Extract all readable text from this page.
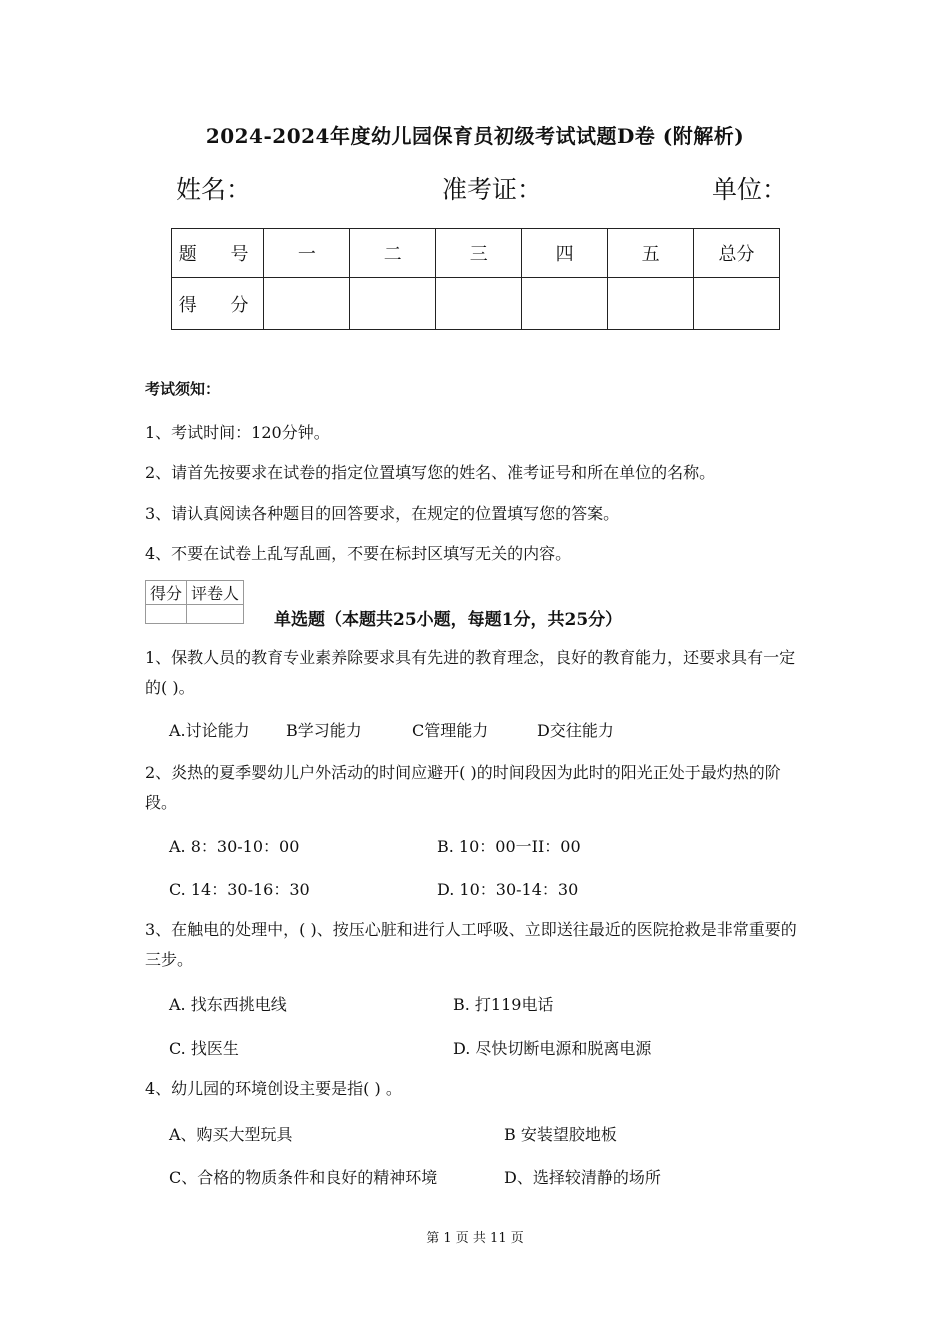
2024-2024年度幼儿园保育员初级考试试题D卷 (附解析)
姓名：	准考证：	单位：
题 号	一	二	三	四	五	总分
得 分						
考试须知：
1、考试时间：120分钟。
2、请首先按要求在试卷的指定位置填写您的姓名、准考证号和所在单位的名称。
3、请认真阅读各种题目的回答要求，在规定的位置填写您的答案。
4、不要在试卷上乱写乱画，不要在标封区填写无关的内容。
得分	评卷人

单选题（本题共25小题，每题1分，共25分）
1、保教人员的教育专业素养除要求具有先进的教育理念，良好的教育能力，还要求具有一定的( )。
A.讨论能力 B学习能力	C管理能力	D交往能力
2、炎热的夏季婴幼儿户外活动的时间应避开( )的时间段因为此时的阳光正处于最灼热的阶段。
A. 8：30-10：00	B. 10：00一II：00
C. 14：30-16：30	D. 10：30-14：30
3、在触电的处理中，( )、按压心脏和进行人工呼吸、立即送往最近的医院抢救是非常重要的三步。
A. 找东西挑电线	B. 打119电话
C. 找医生	D. 尽快切断电源和脱离电源
4、幼儿园的环境创设主要是指( ) 。
A、购买大型玩具	B 安装望胶地板
C、合格的物质条件和良好的精神环境	D、选择较清静的场所
第 1 页 共 11 页
